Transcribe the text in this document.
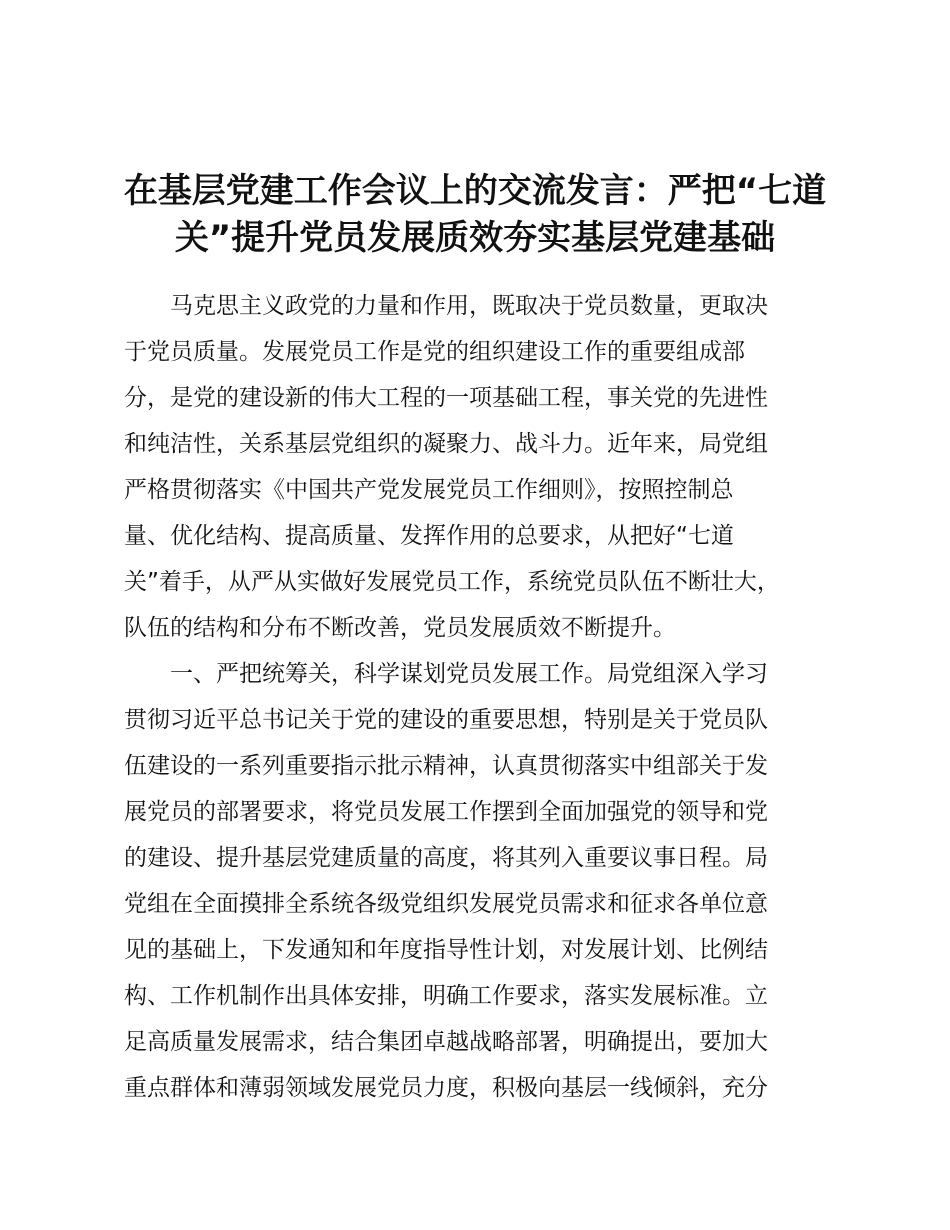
在基层党建工作会议上的交流发言：严把“七道
关”提升党员发展质效夯实基层党建基础

马克思主义政党的力量和作用，既取决于党员数量，更取决
于党员质量。发展党员工作是党的组织建设工作的重要组成部
分，是党的建设新的伟大工程的一项基础工程，事关党的先进性
和纯洁性，关系基层党组织的凝聚力、战斗力。近年来，局党组
严格贯彻落实《中国共产党发展党员工作细则》，按照控制总
量、优化结构、提高质量、发挥作用的总要求，从把好“七道
关”着手，从严从实做好发展党员工作，系统党员队伍不断壮大，
队伍的结构和分布不断改善，党员发展质效不断提升。

一、严把统筹关，科学谋划党员发展工作。局党组深入学习
贯彻习近平总书记关于党的建设的重要思想，特别是关于党员队
伍建设的一系列重要指示批示精神，认真贯彻落实中组部关于发
展党员的部署要求，将党员发展工作摆到全面加强党的领导和党
的建设、提升基层党建质量的高度，将其列入重要议事日程。局
党组在全面摸排全系统各级党组织发展党员需求和征求各单位意
见的基础上，下发通知和年度指导性计划，对发展计划、比例结
构、工作机制作出具体安排，明确工作要求，落实发展标准。立
足高质量发展需求，结合集团卓越战略部署，明确提出，要加大
重点群体和薄弱领域发展党员力度，积极向基层一线倾斜，充分
